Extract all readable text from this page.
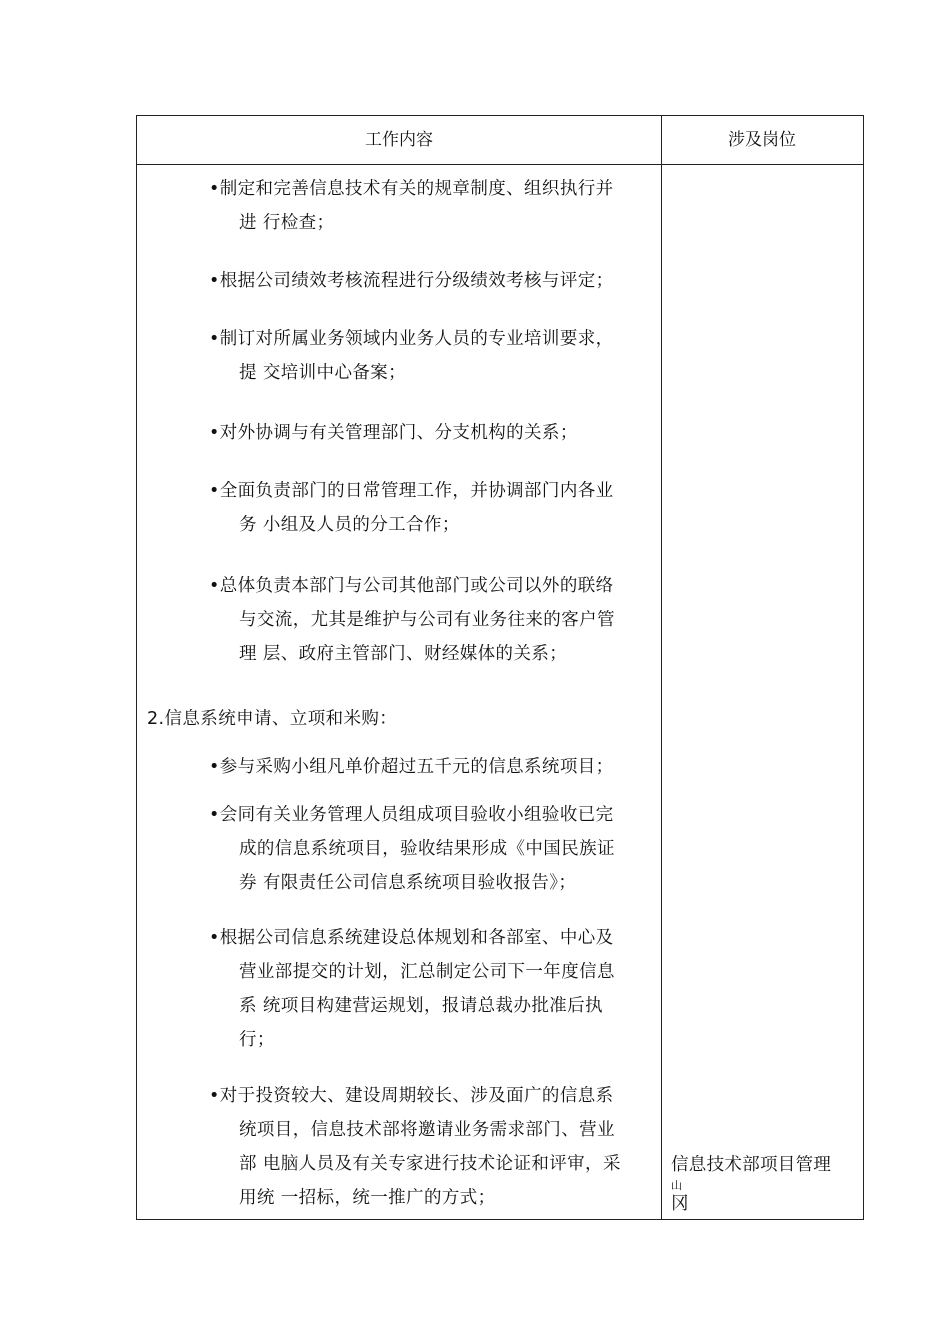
工作内容	涉及岗位
•制定和完善信息技术有关的规章制度、组织执行并
进 行检查；
•根据公司绩效考核流程进行分级绩效考核与评定；
•制订对所属业务领域内业务人员的专业培训要求，
提 交培训中心备案；
•对外协调与有关管理部门、分支机构的关系；
•全面负责部门的日常管理工作，并协调部门内各业
务 小组及人员的分工合作；
•总体负责本部门与公司其他部门或公司以外的联络
与交流，尤其是维护与公司有业务往来的客户管
理 层、政府主管部门、财经媒体的关系；
2.信息系统申请、立项和米购：
•参与采购小组凡单价超过五千元的信息系统项目；
•会同有关业务管理人员组成项目验收小组验收已完
成的信息系统项目，验收结果形成《中国民族证
券 有限责任公司信息系统项目验收报告》；
•根据公司信息系统建设总体规划和各部室、中心及
营业部提交的计划，汇总制定公司下一年度信息
系 统项目构建营运规划，报请总裁办批准后执
行；
•对于投资较大、建设周期较长、涉及面广的信息系
统项目，信息技术部将邀请业务需求部门、营业
部 电脑人员及有关专家进行技术论证和评审，采
用统 一招标，统一推广的方式；
信息技术部项目管理
山
冈
